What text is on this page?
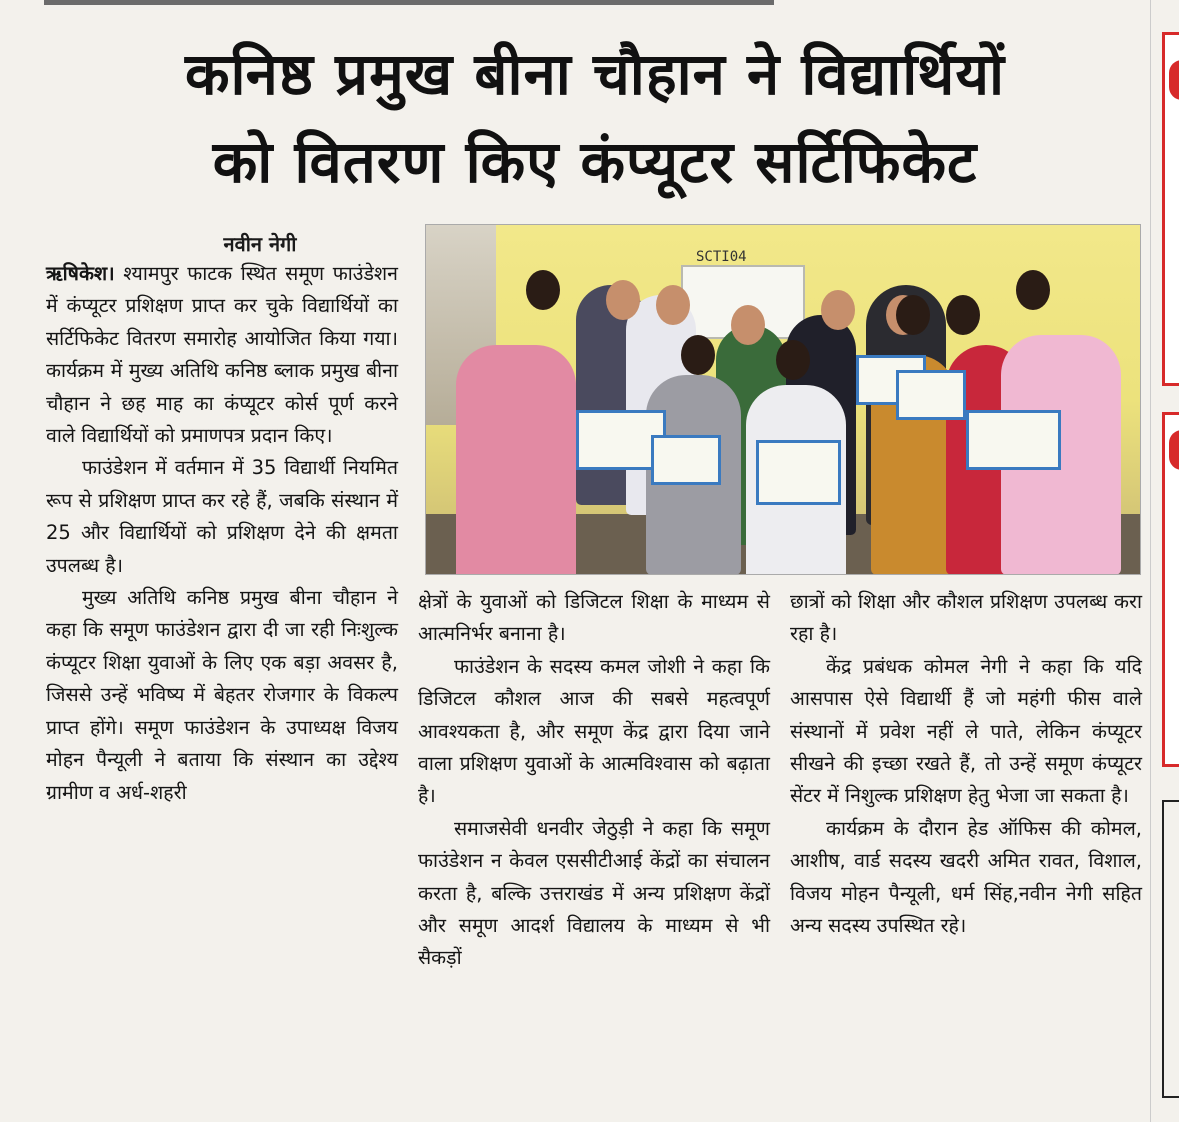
कनिष्ठ प्रमुख बीना चौहान ने विद्यार्थियों
को वितरण किए कंप्यूटर सर्टिफिकेट
नवीन नेगी

ऋषिकेश। श्यामपुर फाटक स्थित समूण फाउंडेशन में कंप्यूटर प्रशिक्षण प्राप्त कर चुके विद्यार्थियों का सर्टिफिकेट वितरण समारोह आयोजित किया गया। कार्यक्रम में मुख्य अतिथि कनिष्ठ ब्लाक प्रमुख बीना चौहान ने छह माह का कंप्यूटर कोर्स पूर्ण करने वाले विद्यार्थियों को प्रमाणपत्र प्रदान किए।

फाउंडेशन में वर्तमान में 35 विद्यार्थी नियमित रूप से प्रशिक्षण प्राप्त कर रहे हैं, जबकि संस्थान में 25 और विद्यार्थियों को प्रशिक्षण देने की क्षमता उपलब्ध है।

मुख्य अतिथि कनिष्ठ प्रमुख बीना चौहान ने कहा कि समूण फाउंडेशन द्वारा दी जा रही निःशुल्क कंप्यूटर शिक्षा युवाओं के लिए एक बड़ा अवसर है, जिससे उन्हें भविष्य में बेहतर रोजगार के विकल्प प्राप्त होंगे। समूण फाउंडेशन के उपाध्यक्ष विजय मोहन पैन्यूली ने बताया कि संस्थान का उद्देश्य ग्रामीण व अर्ध-शहरी

SCTI04

क्षेत्रों के युवाओं को डिजिटल शिक्षा के माध्यम से आत्मनिर्भर बनाना है।

फाउंडेशन के सदस्य कमल जोशी ने कहा कि डिजिटल कौशल आज की सबसे महत्वपूर्ण आवश्यकता है, और समूण केंद्र द्वारा दिया जाने वाला प्रशिक्षण युवाओं के आत्मविश्वास को बढ़ाता है।

समाजसेवी धनवीर जेठुड़ी ने कहा कि समूण फाउंडेशन न केवल एससीटीआई केंद्रों का संचालन करता है, बल्कि उत्तराखंड में अन्य प्रशिक्षण केंद्रों और समूण आदर्श विद्यालय के माध्यम से भी सैकड़ों

छात्रों को शिक्षा और कौशल प्रशिक्षण उपलब्ध करा रहा है।

केंद्र प्रबंधक कोमल नेगी ने कहा कि यदि आसपास ऐसे विद्यार्थी हैं जो महंगी फीस वाले संस्थानों में प्रवेश नहीं ले पाते, लेकिन कंप्यूटर सीखने की इच्छा रखते हैं, तो उन्हें समूण कंप्यूटर सेंटर में निशुल्क प्रशिक्षण हेतु भेजा जा सकता है।

कार्यक्रम के दौरान हेड ऑफिस की कोमल, आशीष, वार्ड सदस्य खदरी अमित रावत, विशाल, विजय मोहन पैन्यूली, धर्म सिंह,नवीन नेगी सहित अन्य सदस्य उपस्थित रहे।
